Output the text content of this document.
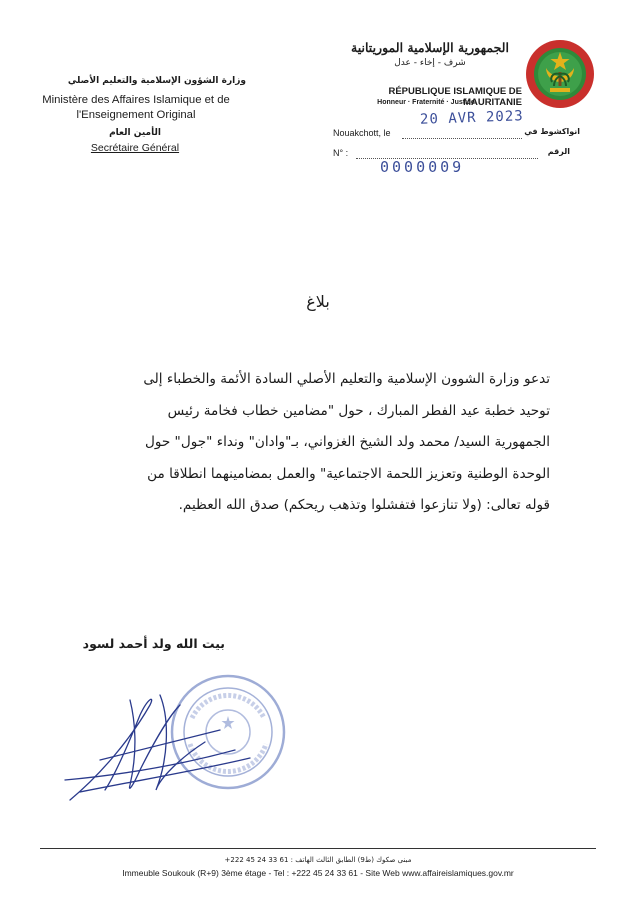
الجمهورية الإسلامية الموريتانية
شرف - إخاء - عدل
RÉPUBLIQUE ISLAMIQUE DE MAURITANIE
Honneur · Fraternité · Justice
وزارة الشؤون الإسلامية والتعليم الأصلي
Ministère des Affaires Islamique et de
l'Enseignement Original
الأمين العام
Secrétaire Général
Nouakchott, le	انواكشوط في
20 AVR 2023
N° :	الرقم
0000009
بلاغ
تدعو وزارة الشوون الإسلامية والتعليم الأصلي السادة الأئمة والخطباء إلى
توحيد خطبة عيد الفطر المبارك ، حول "مضامين خطاب فخامة رئيس
الجمهورية السيد/ محمد ولد الشيخ الغزواني، بـ"وادان" ونداء "جول" حول
الوحدة الوطنية وتعزيز اللحمة الاجتماعية" والعمل بمضامينهما انطلاقا من
قوله تعالى: (ولا تنازعوا فتفشلوا وتذهب ريحكم) صدق الله العظيم.
بيت الله ولد أحمد لسود
مبنى صكوك (ط9) الطابق الثالث الهاتف : 61 33 24 45 222+
Immeuble Soukouk (R+9) 3ème étage - Tel : +222 45 24 33 61 - Site Web www.affaireislamiques.gov.mr
